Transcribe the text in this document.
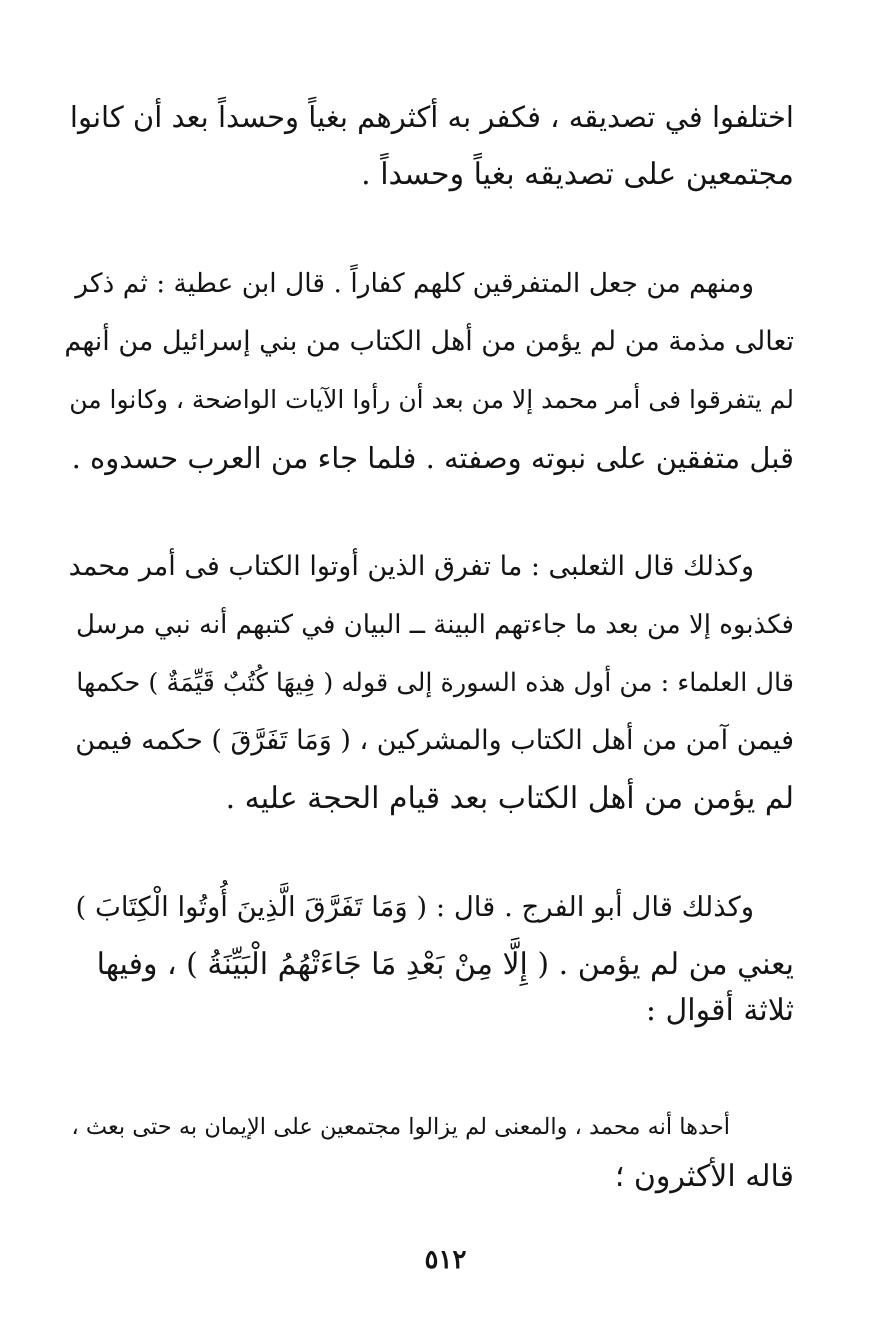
اختلفوا في تصديقه ، فكفر به أكثرهم بغياً وحسداً بعد أن كانوا
مجتمعين على تصديقه بغياً وحسداً .
ومنهم من جعل المتفرقين كلهم كفاراً . قال ابن عطية : ثم ذكر
تعالى مذمة من لم يؤمن من أهل الكتاب من بني إسرائيل من أنهم
لم يتفرقوا فى أمر محمد إلا من بعد أن رأوا الآيات الواضحة ، وكانوا من
قبل متفقين على نبوته وصفته . فلما جاء من العرب حسدوه .
وكذلك قال الثعلبى : ما تفرق الذين أوتوا الكتاب فى أمر محمد
فكذبوه إلا من بعد ما جاءتهم البينة ــ البيان في كتبهم أنه نبي مرسل
قال العلماء : من أول هذه السورة إلى قوله ( فِيهَا كُتُبٌ قَيِّمَةٌ ) حكمها
فيمن آمن من أهل الكتاب والمشركين ، ( وَمَا تَفَرَّقَ ) حكمه فيمن
لم يؤمن من أهل الكتاب بعد قيام الحجة عليه .
وكذلك قال أبو الفرج . قال : ( وَمَا تَفَرَّقَ الَّذِينَ أُوتُوا الْكِتَابَ )
يعني من لم يؤمن . ( إِلَّا مِنْ بَعْدِ مَا جَاءَتْهُمُ الْبَيِّنَةُ ) ، وفيها
ثلاثة أقوال :
أحدها أنه محمد ، والمعنى لم يزالوا مجتمعين على الإيمان به حتى بعث ،
قاله الأكثرون ؛
٥١٢
